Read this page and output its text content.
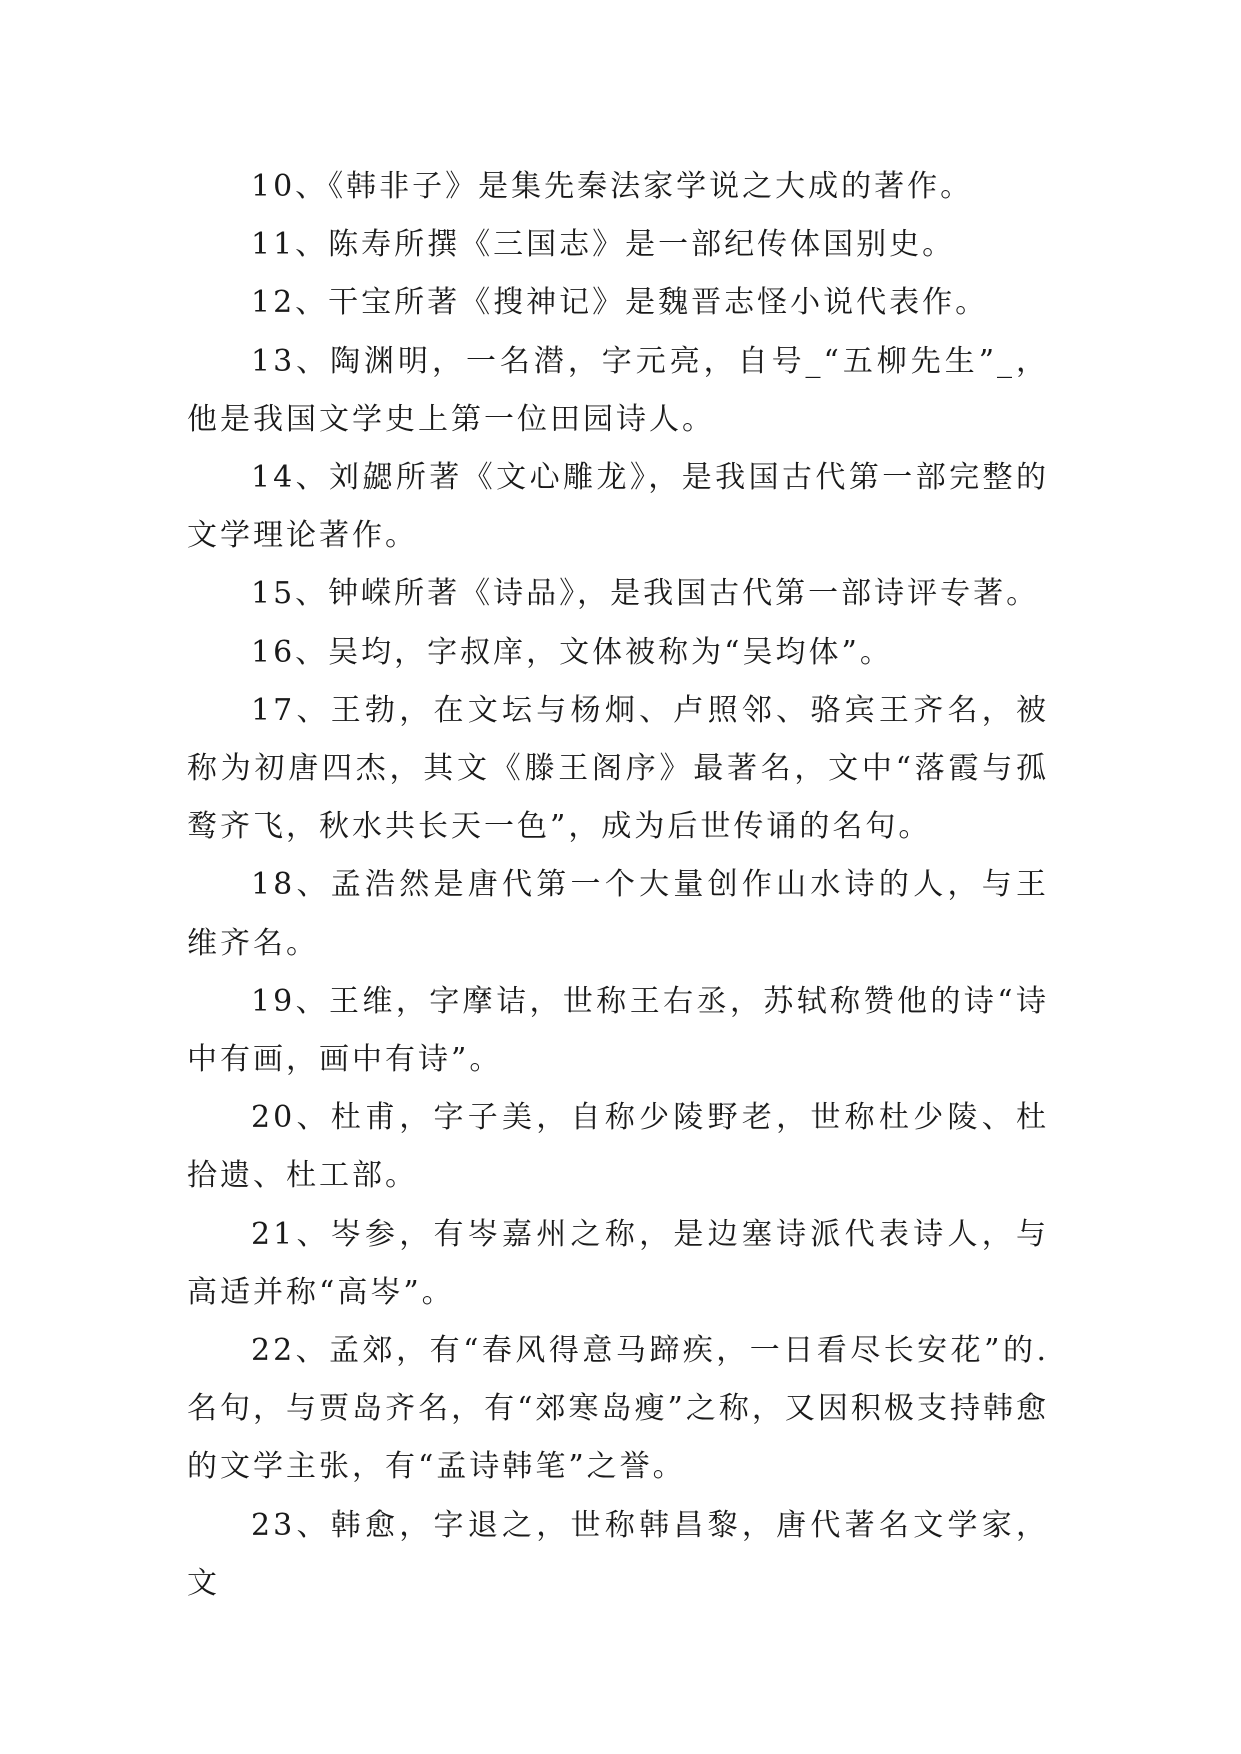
10、《韩非子》是集先秦法家学说之大成的著作。

11、陈寿所撰《三国志》是一部纪传体国别史。

12、干宝所著《搜神记》是魏晋志怪小说代表作。

13、陶渊明，一名潜，字元亮，自号_“五柳先生”_，他是我国文学史上第一位田园诗人。

14、刘勰所著《文心雕龙》，是我国古代第一部完整的文学理论著作。

15、钟嵘所著《诗品》，是我国古代第一部诗评专著。

16、吴均，字叔庠，文体被称为“吴均体”。

17、王勃，在文坛与杨炯、卢照邻、骆宾王齐名，被称为初唐四杰，其文《滕王阁序》最著名，文中“落霞与孤鹜齐飞，秋水共长天一色”，成为后世传诵的名句。

18、孟浩然是唐代第一个大量创作山水诗的人，与王维齐名。

19、王维，字摩诘，世称王右丞，苏轼称赞他的诗“诗中有画，画中有诗”。

20、杜甫，字子美，自称少陵野老，世称杜少陵、杜拾遗、杜工部。

21、岑参，有岑嘉州之称，是边塞诗派代表诗人，与高适并称“高岑”。

22、孟郊，有“春风得意马蹄疾，一日看尽长安花”的.名句，与贾岛齐名，有“郊寒岛瘦”之称，又因积极支持韩愈的文学主张，有“孟诗韩笔”之誉。

23、韩愈，字退之，世称韩昌黎，唐代著名文学家，文
